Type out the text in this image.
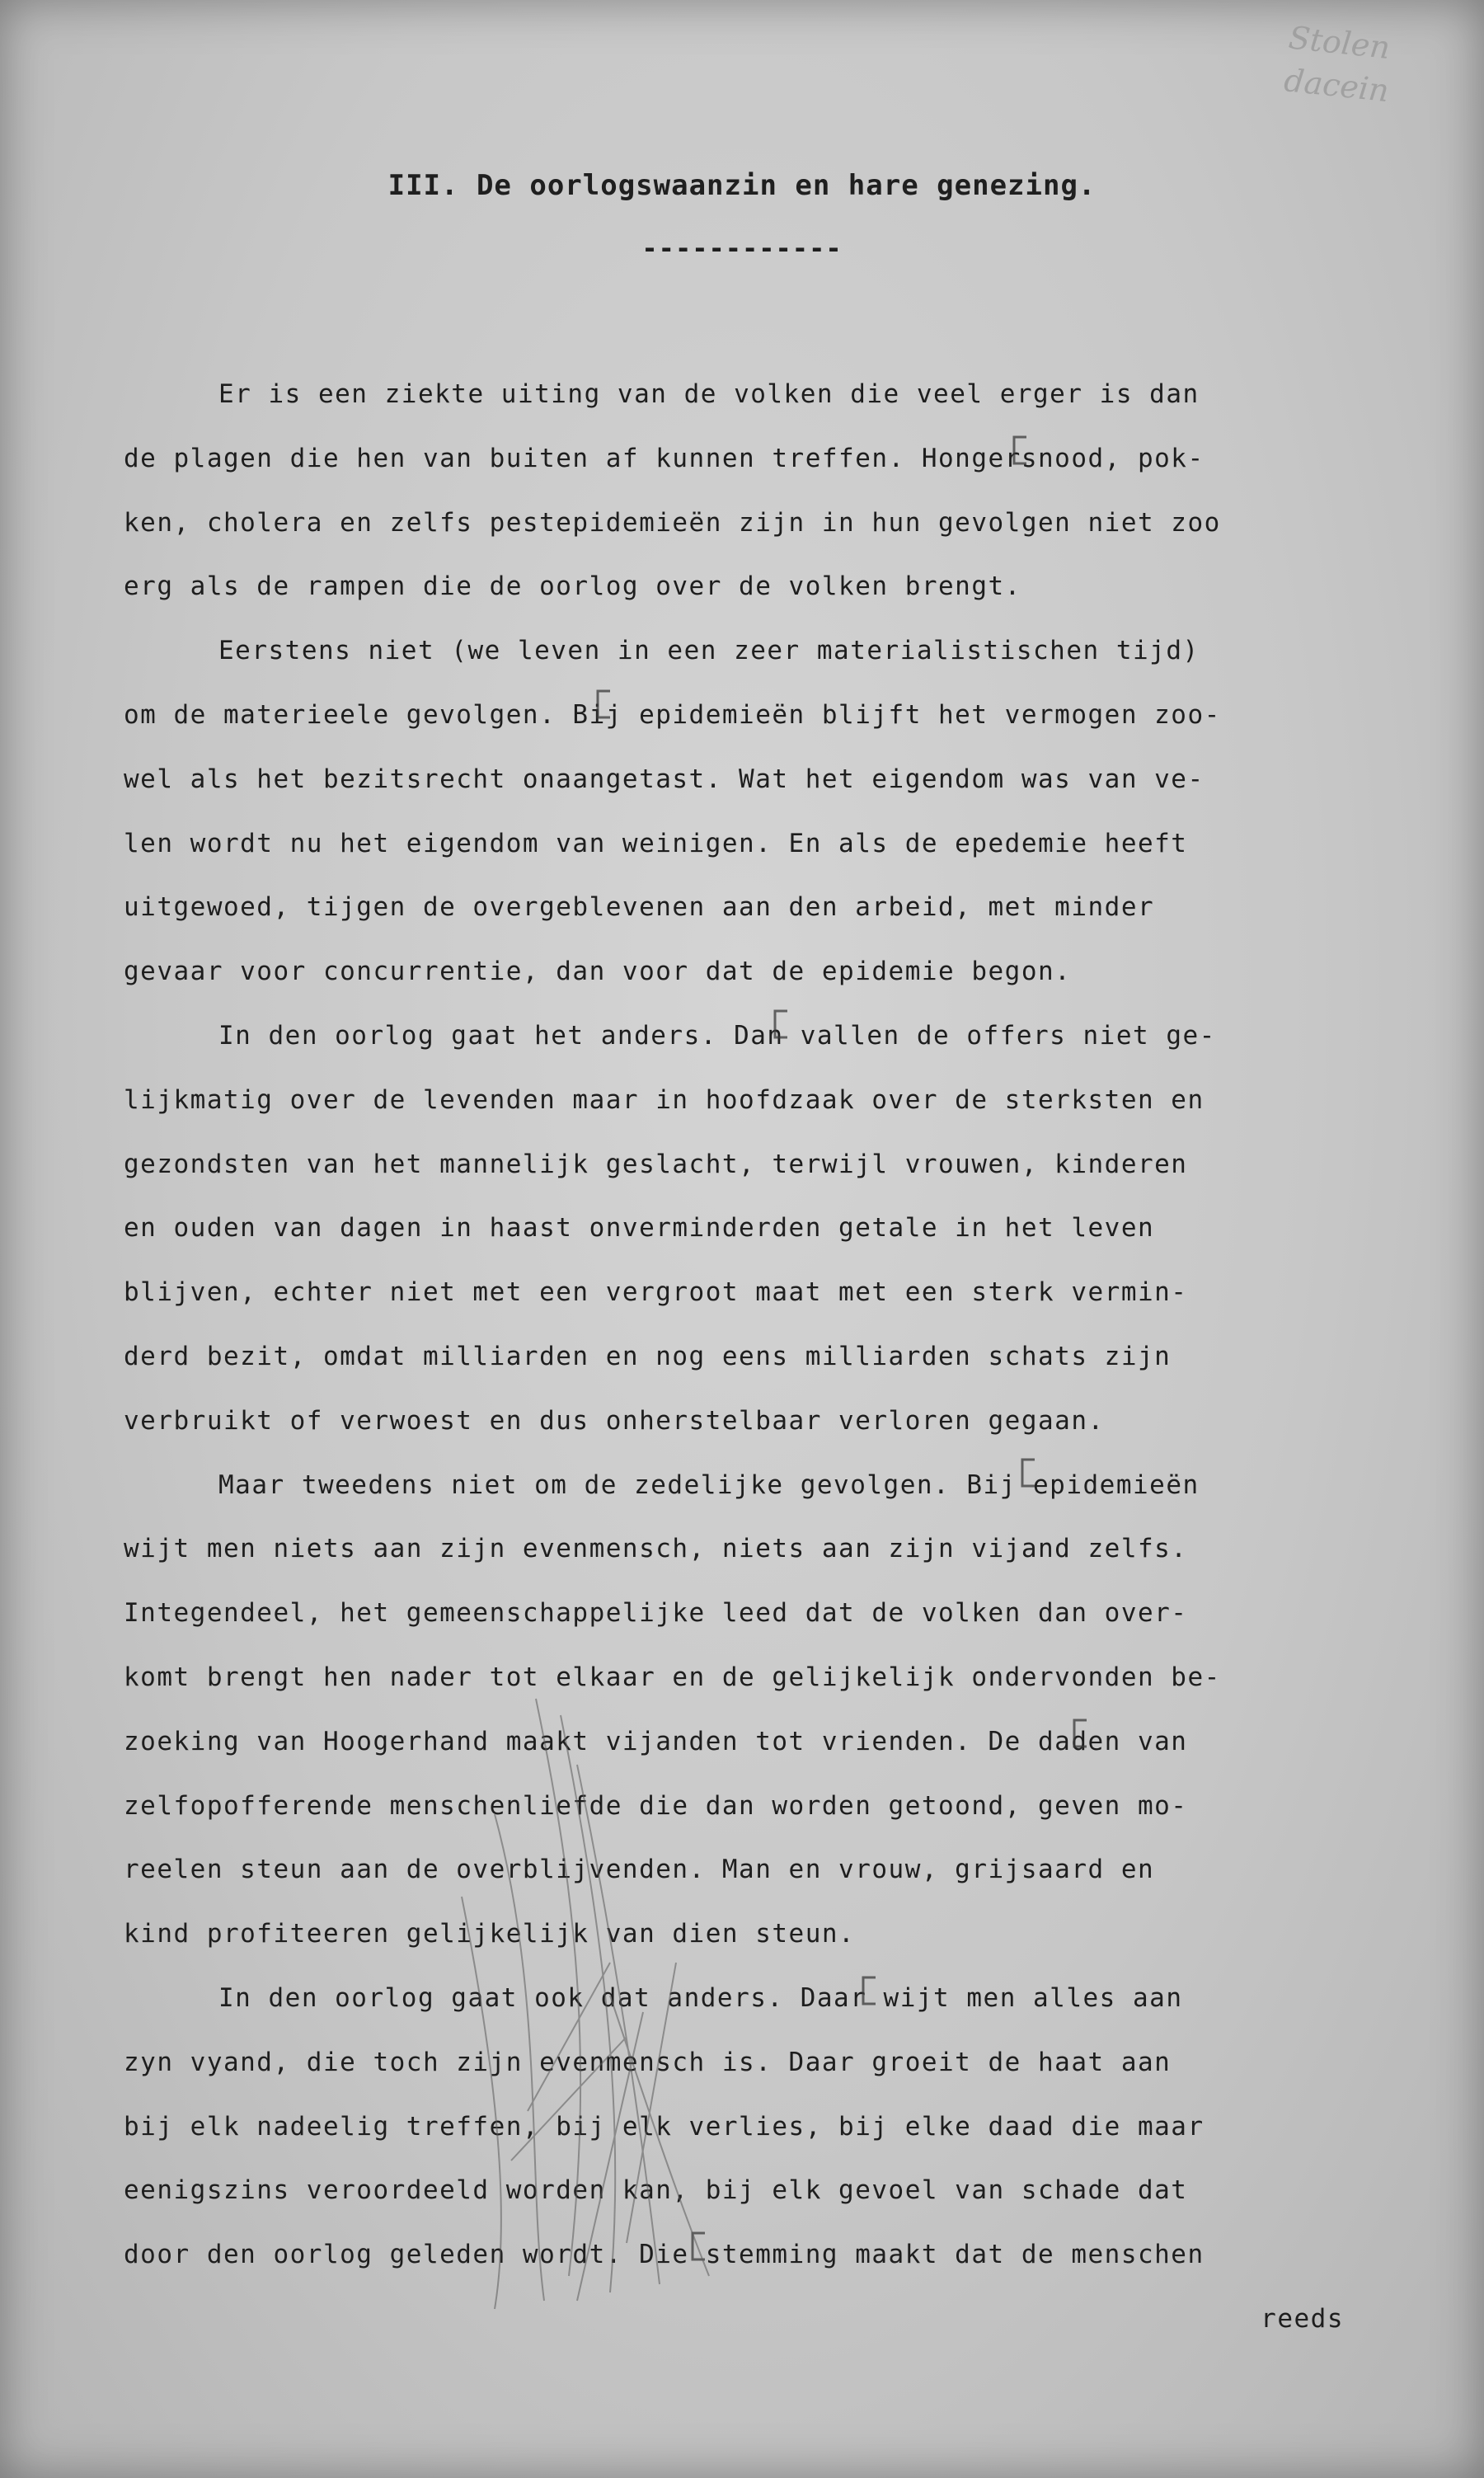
Stolen
dacein
III. De oorlogswaanzin en hare genezing.
------------
Er is een ziekte uiting van de volken die veel erger is dan
de plagen die hen van buiten af kunnen treffen. Hongersnood, pok-
ken, cholera en zelfs pestepidemieën zijn in hun gevolgen niet zoo
erg als de rampen die de oorlog over de volken brengt.
Eerstens niet (we leven in een zeer materialistischen tijd)
om de materieele gevolgen. Bij epidemieën blijft het vermogen zoo-
wel als het bezitsrecht onaangetast. Wat het eigendom was van ve-
len wordt nu het eigendom van weinigen. En als de epedemie heeft
uitgewoed, tijgen de overgeblevenen aan den arbeid, met minder
gevaar voor concurrentie, dan voor dat de epidemie begon.
In den oorlog gaat het anders. Dan vallen de offers niet ge-
lijkmatig over de levenden maar in hoofdzaak over de sterksten en
gezondsten van het mannelijk geslacht, terwijl vrouwen, kinderen
en ouden van dagen in haast onverminderden getale in het leven
blijven, echter niet met een vergroot maat met een sterk vermin-
derd bezit, omdat milliarden en nog eens milliarden schats zijn
verbruikt of verwoest en dus onherstelbaar verloren gegaan.
Maar tweedens niet om de zedelijke gevolgen. Bij epidemieën
wijt men niets aan zijn evenmensch, niets aan zijn vijand zelfs.
Integendeel, het gemeenschappelijke leed dat de volken dan over-
komt brengt hen nader tot elkaar en de gelijkelijk ondervonden be-
zoeking van Hoogerhand maakt vijanden tot vrienden. De daden van
zelfopofferende menschenliefde die dan worden getoond, geven mo-
reelen steun aan de overblijvenden. Man en vrouw, grijsaard en
kind profiteeren gelijkelijk van dien steun.
In den oorlog gaat ook dat anders. Daar wijt men alles aan
zyn vyand, die toch zijn evenmensch is. Daar groeit de haat aan
bij elk nadeelig treffen, bij elk verlies, bij elke daad die maar
eenigszins veroordeeld worden kan, bij elk gevoel van schade dat
door den oorlog geleden wordt. Die stemming maakt dat de menschen
reeds
